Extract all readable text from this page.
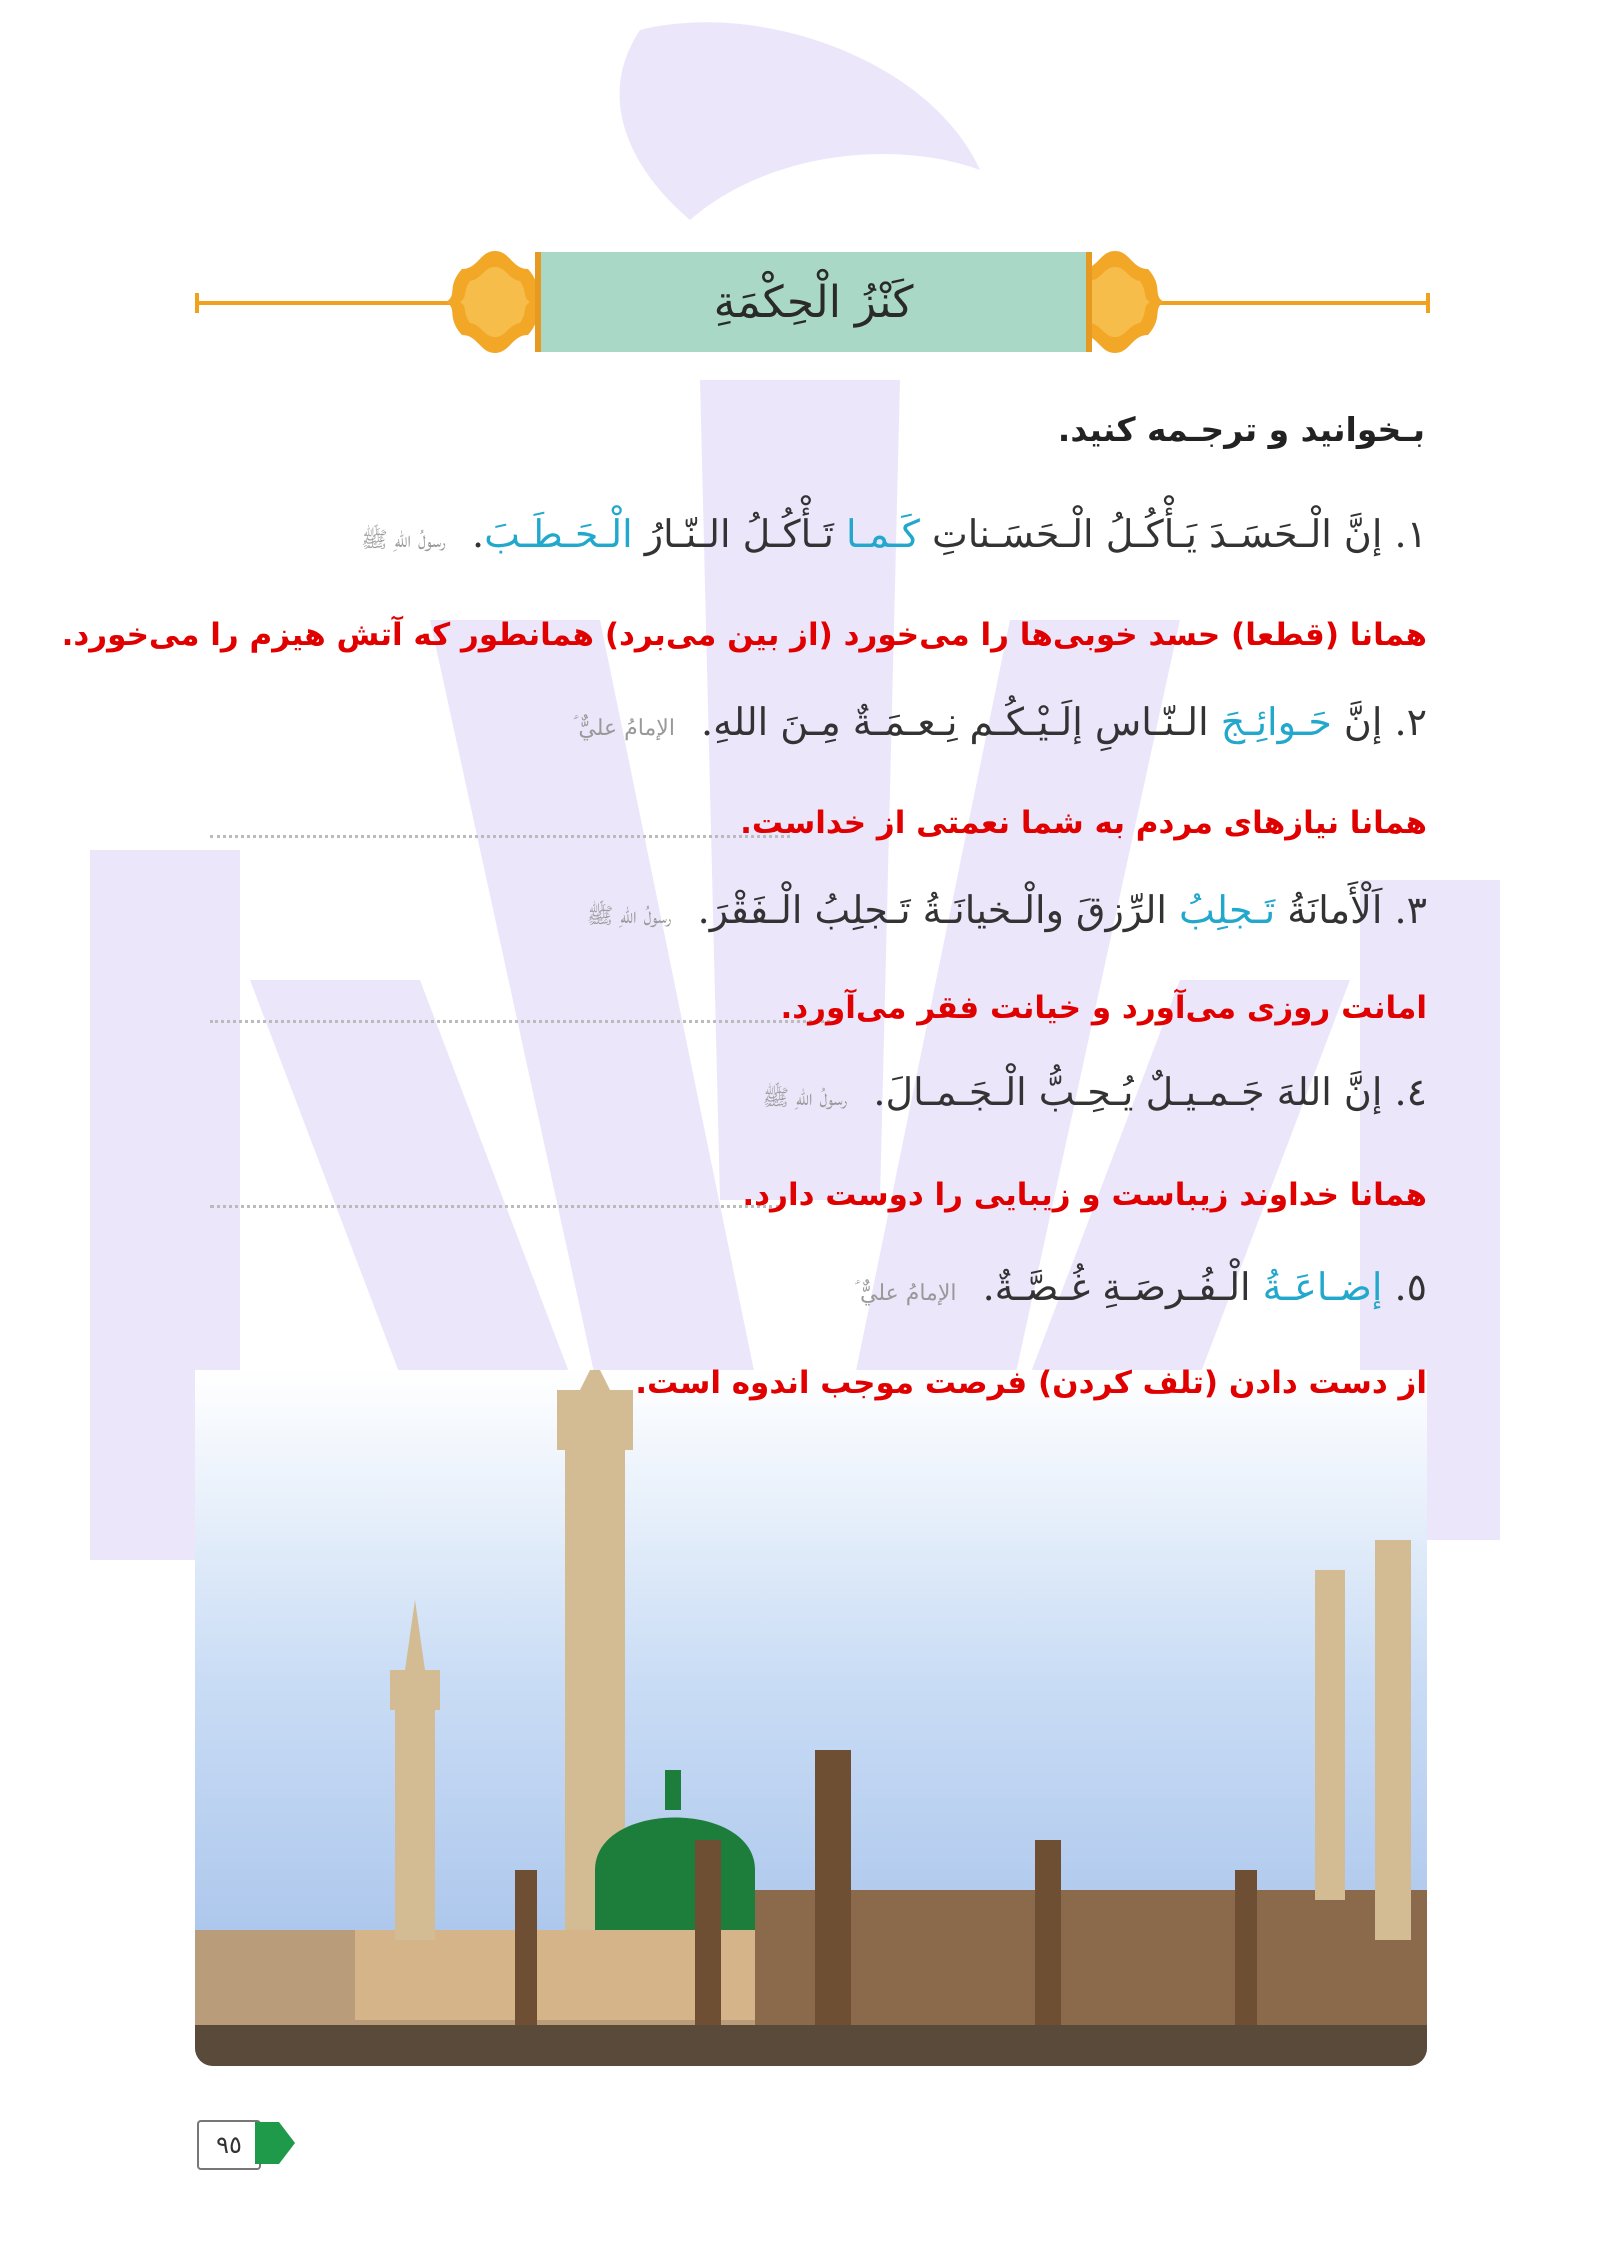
كَنْزُ الْحِكْمَةِ
بـخوانید و ترجـمه کنید.
۱. إنَّ الْـحَسَـدَ يَـأْكُـلُ الْـحَسَـناتِ كَـمـا تَـأْكُـلُ الـنّـارُ الْـحَـطَـبَ. رسولُ اللهِ ﷺ
همانا (قطعا) حسد خوبی‌ها را می‌خورد (از بین می‌برد) همانطور که آتش هیزم را می‌خورد.
۲. إنَّ حَـوائِـجَ الـنّـاسِ إلَـيْـكُـم نِـعـمَـةٌ مِـنَ اللهِ. الإمامُ عليٌّ ؑ
همانا نیازهای مردم به شما نعمتی از خداست.
۳. اَلْأَمانَةُ تَـجلِبُ الرِّزقَ والْـخيانَـةُ تَـجلِبُ الْـفَقْرَ. رسولُ اللهِ ﷺ
امانت روزی می‌آورد و خیانت فقر می‌آورد.
٤. إنَّ اللهَ جَـمـيـلٌ يُـحِـبُّ الْـجَـمـالَ. رسولُ اللهِ ﷺ
همانا خداوند زیباست و زیبایی را دوست دارد.
٥. إضـاعَـةُ الْـفُـرصَـةِ غُـصَّـةٌ. الإمامُ عليٌّ ؑ
۹٥
از دست دادن (تلف کردن) فرصت موجب اندوه است.
